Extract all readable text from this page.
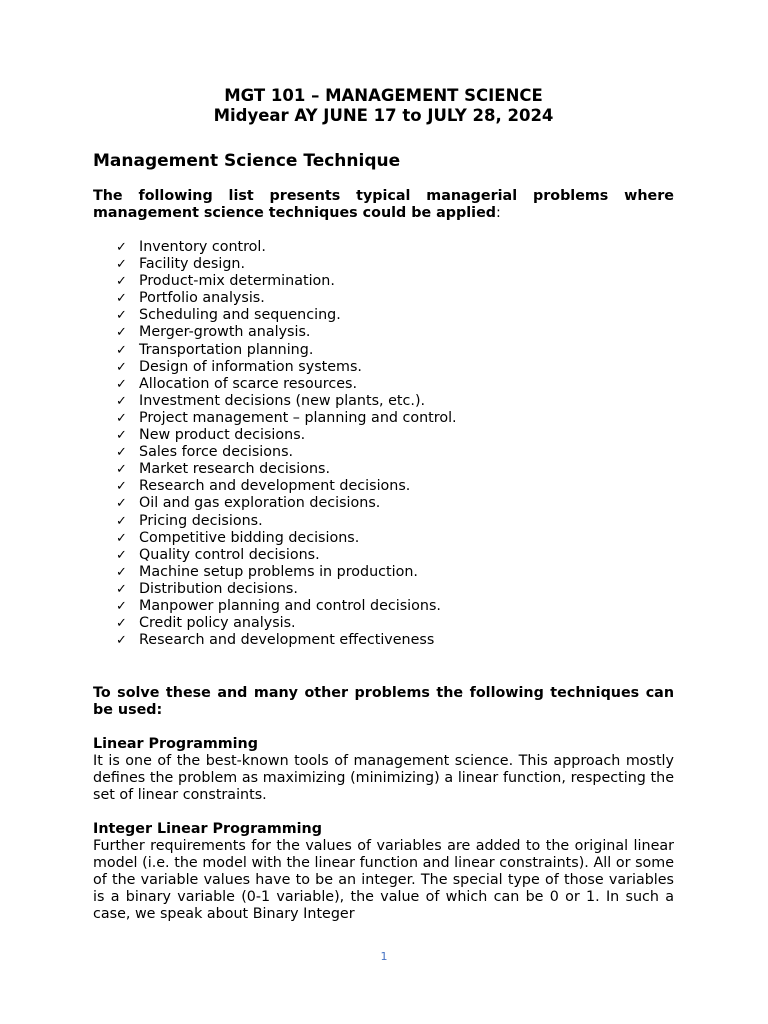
MGT 101 – MANAGEMENT SCIENCE
Midyear AY JUNE 17 to JULY 28, 2024
Management Science Technique
The following list presents typical managerial problems where management science techniques could be applied:
✓ Inventory control.
✓ Facility design.
✓ Product-mix determination.
✓ Portfolio analysis.
✓ Scheduling and sequencing.
✓ Merger-growth analysis.
✓ Transportation planning.
✓ Design of information systems.
✓ Allocation of scarce resources.
✓ Investment decisions (new plants, etc.).
✓ Project management – planning and control.
✓ New product decisions.
✓ Sales force decisions.
✓ Market research decisions.
✓ Research and development decisions.
✓ Oil and gas exploration decisions.
✓ Pricing decisions.
✓ Competitive bidding decisions.
✓ Quality control decisions.
✓ Machine setup problems in production.
✓ Distribution decisions.
✓ Manpower planning and control decisions.
✓ Credit policy analysis.
✓ Research and development effectiveness
To solve these and many other problems the following techniques can be used:
Linear Programming
It is one of the best-known tools of management science. This approach mostly defines the problem as maximizing (minimizing) a linear function, respecting the set of linear constraints.
Integer Linear Programming
Further requirements for the values of variables are added to the original linear model (i.e. the model with the linear function and linear constraints). All or some of the variable values have to be an integer. The special type of those variables is a binary variable (0-1 variable), the value of which can be 0 or 1. In such a case, we speak about Binary Integer
1
